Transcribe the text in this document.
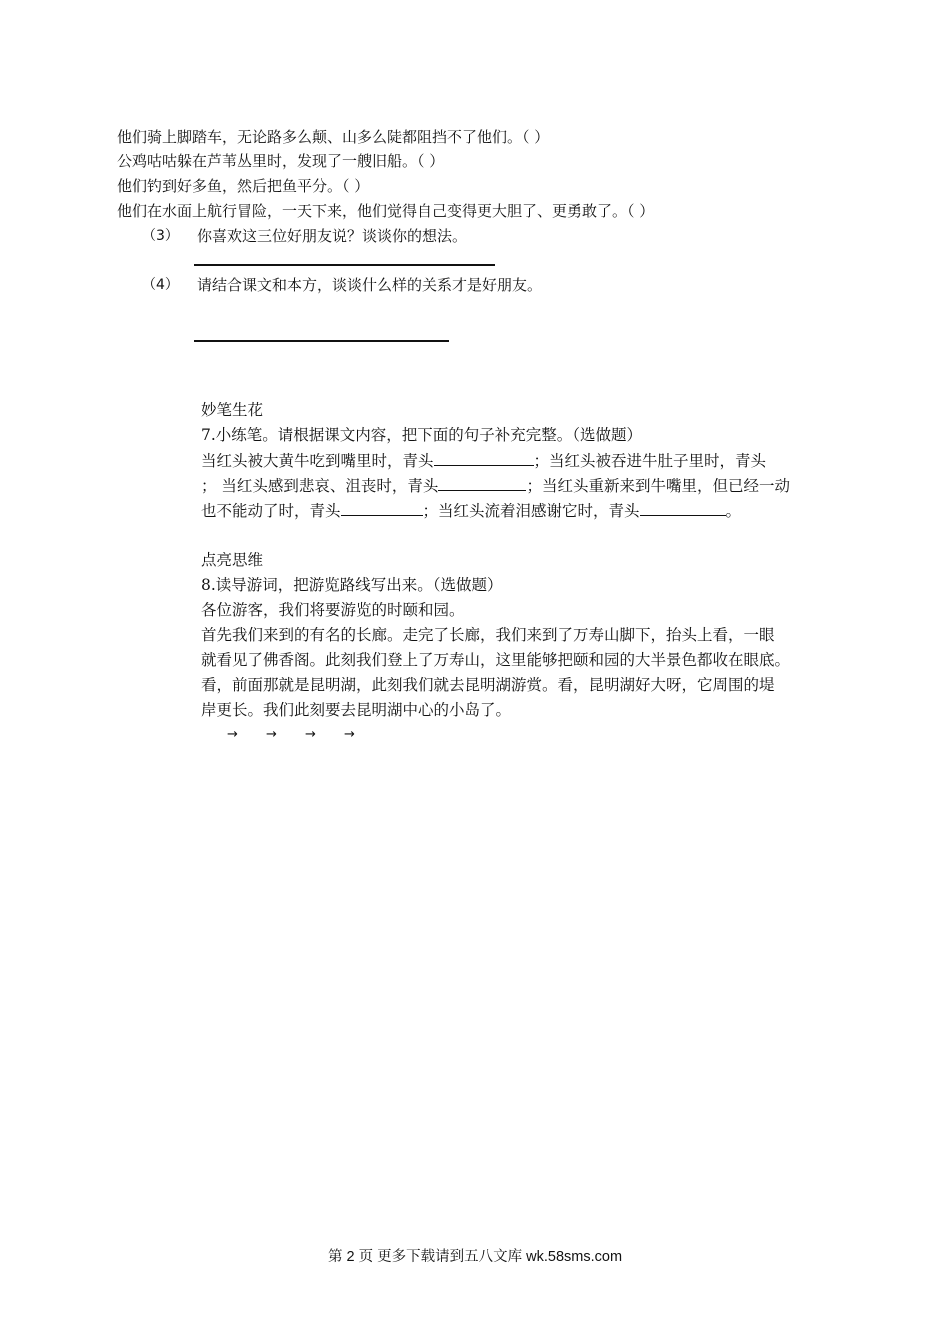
他们骑上脚踏车，无论路多么颠、山多么陡都阻挡不了他们。（ ）
公鸡咕咕躲在芦苇丛里时，发现了一艘旧船。（ ）
他们钓到好多鱼，然后把鱼平分。（ ）
他们在水面上航行冒险，一天下来，他们觉得自己变得更大胆了、更勇敢了。（ ）
（3） 你喜欢这三位好朋友说？谈谈你的想法。
（4） 请结合课文和本方，谈谈什么样的关系才是好朋友。
妙笔生花
7.小练笔。请根据课文内容，把下面的句子补充完整。（选做题）
当红头被大黄牛吃到嘴里时，青头	；当红头被吞进牛肚子里时，青头
； 当红头感到悲哀、沮丧时，青头	；当红头重新来到牛嘴里，但已经一动
也不能动了时，青头	；当红头流着泪感谢它时，青头	。
点亮思维
8.读导游词，把游览路线写出来。（选做题）
各位游客，我们将要游览的时颐和园。
首先我们来到的有名的长廊。走完了长廊，我们来到了万寿山脚下，抬头上看，一眼
就看见了佛香阁。此刻我们登上了万寿山，这里能够把颐和园的大半景色都收在眼底。
看，前面那就是昆明湖，此刻我们就去昆明湖游赏。看，昆明湖好大呀，它周围的堤
岸更长。我们此刻要去昆明湖中心的小岛了。
→ → → →
第 2 页 更多下载请到五八文库 wk.58sms.com
